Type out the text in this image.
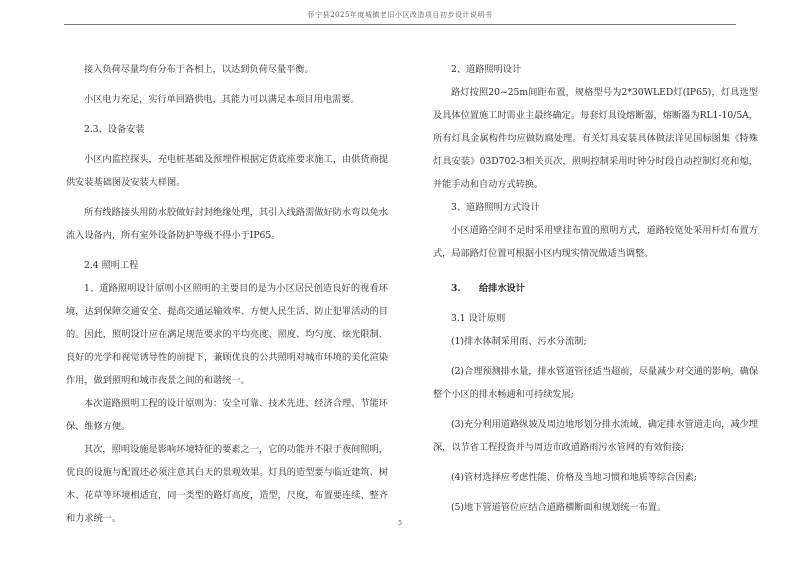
怀宁县2025年度城镇老旧小区改造项目初步设计说明书

接入负荷尽量均有分布于各相上，以达到负荷尽量平衡。

小区电力充足，实行单回路供电，其能力可以满足本项目用电需要。

2.3、设备安装

小区内监控探头，充电桩基础及预埋件根据定货底座要求施工，由供货商提供安装基础图及安装大样图。

所有线路接头用防水胶做好封封绝缘处理，其引入线路需做好防水弯以免水流入设备内，所有室外设备防护等级不得小于IP65。

2.4 照明工程

1、道路照明设计原则小区照明的主要目的是为小区居民创造良好的视看环境，达到保障交通安全、提高交通运输效率、方便人民生活、防止犯罪活动的目的。因此，照明设计应在满足规范要求的平均亮度、照度、均匀度、炫光限制、良好的光学和视觉诱导性的前提下，兼顾优良的公共照明对城市环境的美化渲染作用，做到照明和城市夜景之间的和谐统一。

本次道路照明工程的设计原则为：安全可靠、技术先进、经济合理、节能环保、维修方便。

其次，照明设施是影响环境特征的要素之一，它的功能并不限于夜间照明，优良的设施与配置还必须注意其白天的景观效果。灯具的造型要与临近建筑、树木、花草等环境相适宜，同一类型的路灯高度，造型，尺度，布置要连续、整齐和力求统一。

2、道路照明设计

路灯按照20~25m间距布置，规格型号为2*30WLED灯(IP65)，灯具选型及具体位置施工时需业主最终确定。每套灯具设熔断器，熔断器为RL1-10/5A，所有灯具金属构件均应做防腐处理。有关灯具安装具体做法详见国标图集《特殊灯具安装》03D702-3相关页次，照明控制采用时钟分时段自动控制灯亮和熄，并能手动和自动方式转换。

3、道路照明方式设计

小区道路空间不足时采用壁挂布置的照明方式，道路较宽处采用杆灯布置方式，局部路灯位置可根据小区内现实情况做适当调整。

3.　　给排水设计

3.1 设计原则

(1)排水体制采用雨、污水分流制;

(2)合理预测排水量，排水管道管径适当超前，尽量减少对交通的影响，确保整个小区的排水畅通和可持续发展;

(3)充分利用道路纵坡及周边地形划分排水流域，确定排水管道走向，减少埋深，以节省工程投资并与周边市政道路雨污水管网的有效衔接;

(4)管材选择应考虑性能、价格及当地习惯和地质等综合因素;

(5)地下管道管位应结合道路横断面和规划统一布置。

5
